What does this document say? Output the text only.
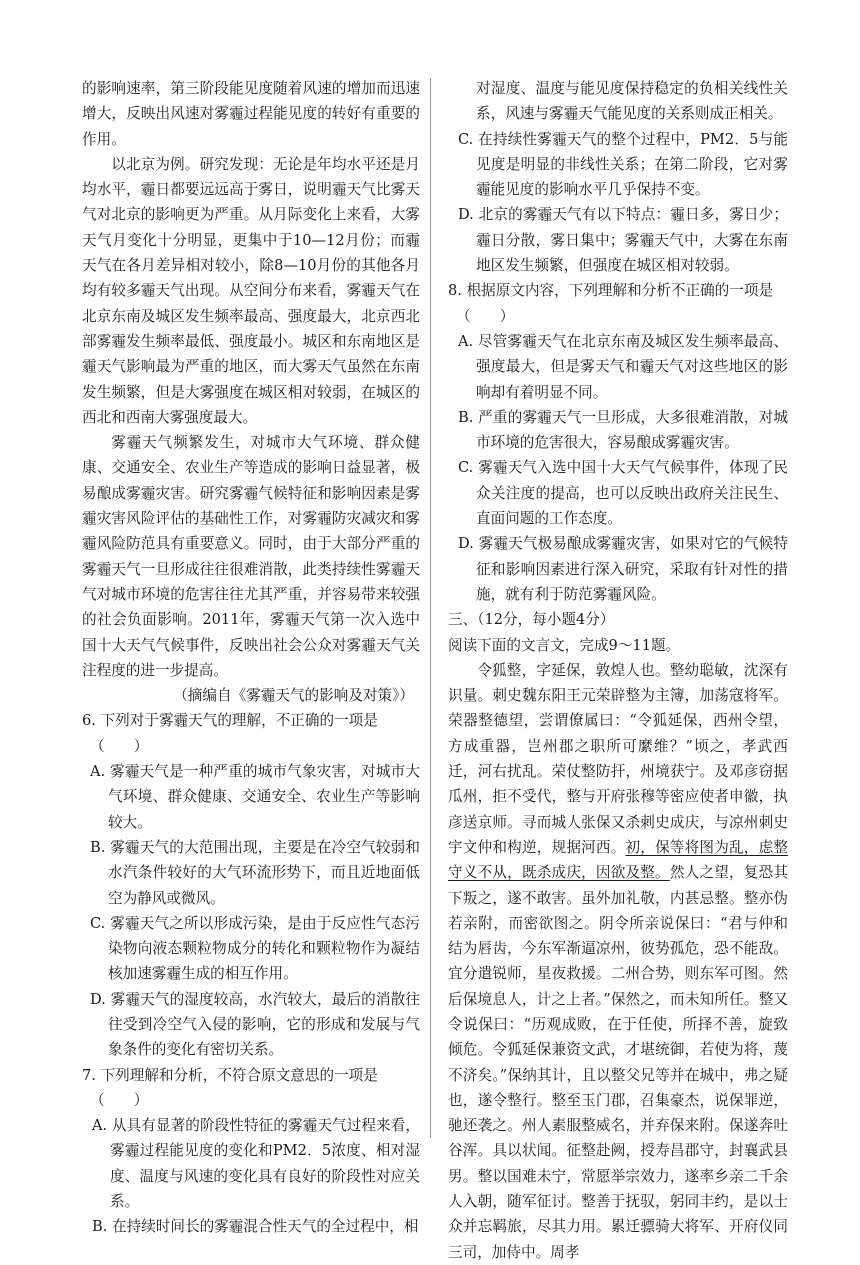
的影响速率，第三阶段能见度随着风速的增加而迅速增大，反映出风速对雾霾过程能见度的转好有重要的作用。

以北京为例。研究发现：无论是年均水平还是月均水平，霾日都要远远高于雾日，说明霾天气比雾天气对北京的影响更为严重。从月际变化上来看，大雾天气月变化十分明显，更集中于10—12月份；而霾天气在各月差异相对较小，除8—10月份的其他各月均有较多霾天气出现。从空间分布来看，雾霾天气在北京东南及城区发生频率最高、强度最大，北京西北部雾霾发生频率最低、强度最小。城区和东南地区是霾天气影响最为严重的地区，而大雾天气虽然在东南发生频繁，但是大雾强度在城区相对较弱，在城区的西北和西南大雾强度最大。

雾霾天气频繁发生，对城市大气环境、群众健康、交通安全、农业生产等造成的影响日益显著，极易酿成雾霾灾害。研究雾霾气候特征和影响因素是雾霾灾害风险评估的基础性工作，对雾霾防灾减灾和雾霾风险防范具有重要意义。同时，由于大部分严重的雾霾天气一旦形成往往很难消散，此类持续性雾霾天气对城市环境的危害往往尤其严重，并容易带来较强的社会负面影响。2011年，雾霾天气第一次入选中国十大天气气候事件，反映出社会公众对雾霾天气关注程度的进一步提高。

（摘编自《雾霾天气的影响及对策》）

6. 下列对于雾霾天气的理解，不正确的一项是

（　　）

A. 雾霾天气是一种严重的城市气象灾害，对城市大气环境、群众健康、交通安全、农业生产等影响较大。

B. 雾霾天气的大范围出现，主要是在冷空气较弱和水汽条件较好的大气环流形势下，而且近地面低空为静风或微风。

C. 雾霾天气之所以形成污染，是由于反应性气态污染物向液态颗粒物成分的转化和颗粒物作为凝结核加速雾霾生成的相互作用。

D. 雾霾天气的湿度较高，水汽较大，最后的消散往往受到冷空气入侵的影响，它的形成和发展与气象条件的变化有密切关系。

7. 下列理解和分析，不符合原文意思的一项是

（　　）

A. 从具有显著的阶段性特征的雾霾天气过程来看，雾霾过程能见度的变化和PM2．5浓度、相对湿度、温度与风速的变化具有良好的阶段性对应关系。

B. 在持续时间长的雾霾混合性天气的全过程中，相

对湿度、温度与能见度保持稳定的负相关线性关系，风速与雾霾天气能见度的关系则成正相关。

C. 在持续性雾霾天气的整个过程中，PM2．5与能见度是明显的非线性关系；在第二阶段，它对雾霾能见度的影响水平几乎保持不变。

D. 北京的雾霾天气有以下特点：霾日多，雾日少；霾日分散，雾日集中；雾霾天气中，大雾在东南地区发生频繁，但强度在城区相对较弱。

8. 根据原文内容，下列理解和分析不正确的一项是

（　　）

A. 尽管雾霾天气在北京东南及城区发生频率最高、强度最大，但是雾天气和霾天气对这些地区的影响却有着明显不同。

B. 严重的雾霾天气一旦形成，大多很难消散，对城市环境的危害很大，容易酿成雾霾灾害。

C. 雾霾天气入选中国十大天气气候事件，体现了民众关注度的提高，也可以反映出政府关注民生、直面问题的工作态度。

D. 雾霾天气极易酿成雾霾灾害，如果对它的气候特征和影响因素进行深入研究，采取有针对性的措施，就有利于防范雾霾风险。

三、（12分，每小题4分）

阅读下面的文言文，完成9～11题。

令狐整，字延保，敦煌人也。整幼聪敏，沈深有识量。刺史魏东阳王元荣辟整为主簿，加荡寇将军。荣器整德望，尝谓僚属曰：“令狐延保，西州令望，方成重器，岂州郡之职所可縻维？”顷之，孝武西迁，河右扰乱。荣仗整防扞，州境获宁。及邓彦窃据瓜州，拒不受代，整与开府张穆等密应使者申徽，执彦送京师。寻而城人张保又杀刺史成庆，与凉州刺史宇文仲和构逆，规据河西。初，保等将图为乱，虑整守义不从，既杀成庆，因欲及整。然人之望，复恐其下叛之，遂不敢害。虽外加礼敬，内甚忌整。整亦伪若亲附，而密欲图之。阴令所亲说保曰：“君与仲和结为唇齿，今东军渐逼凉州，彼势孤危，恐不能敌。宜分遣锐师，星夜救援。二州合势，则东军可图。然后保境息人，计之上者。”保然之，而未知所任。整又令说保曰：“历观成败，在于任使，所择不善，旋致倾危。令狐延保兼资文武，才堪统御，若使为将，蔑不济矣。”保纳其计，且以整父兄等并在城中，弗之疑也，遂令整行。整至玉门郡，召集豪杰，说保罪逆，驰还袭之。州人素服整威名，并弃保来附。保遂奔吐谷浑。具以状闻。征整赴阙，授寿昌郡守，封襄武县男。整以国难未宁，常愿举宗效力，遂率乡亲二千余人入朝，随军征讨。整善于抚驭，躬同丰约，是以士众并忘羁旅，尽其力用。累迁骠骑大将军、开府仪同三司，加侍中。周孝
